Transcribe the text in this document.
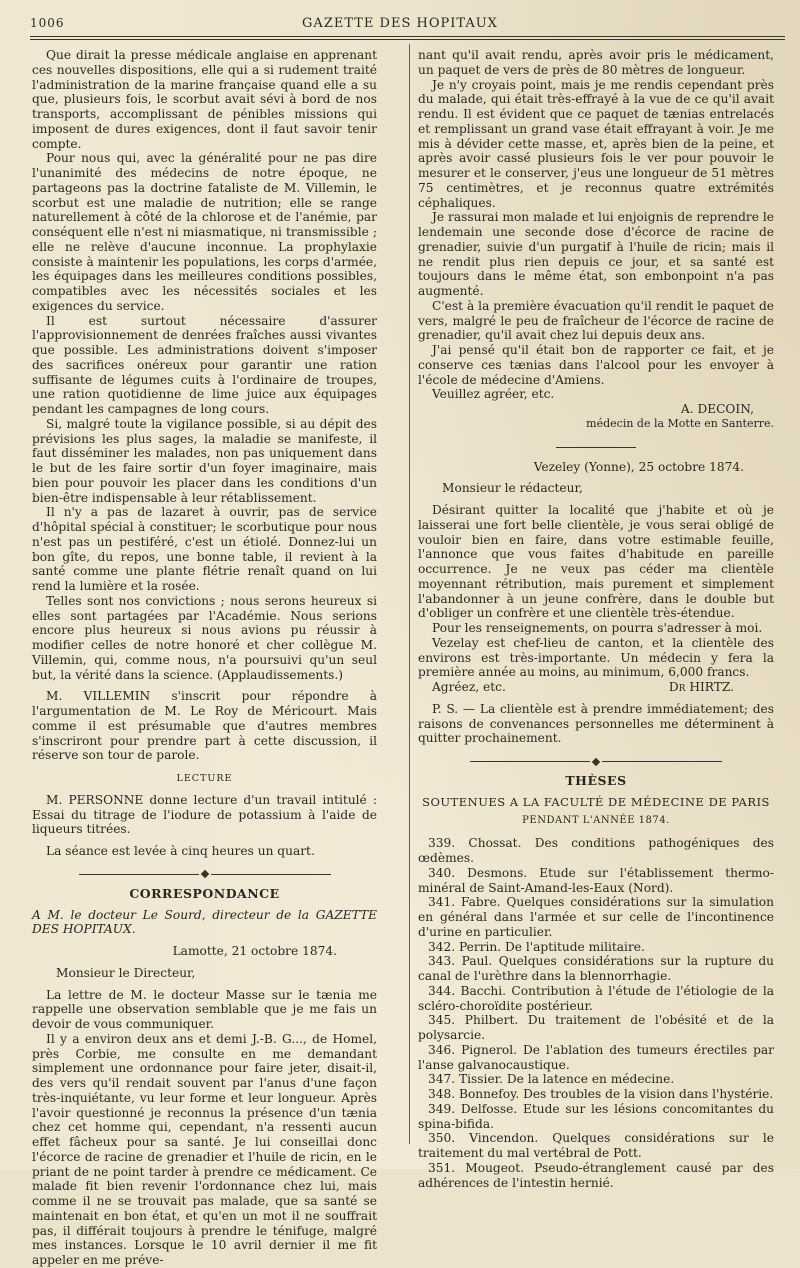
1006	GAZETTE DES HOPITAUX

Que dirait la presse médicale anglaise en apprenant ces nouvelles dispositions, elle qui a si rudement traité l'administration de la marine française quand elle a su que, plusieurs fois, le scorbut avait sévi à bord de nos transports, accomplissant de pénibles missions qui imposent de dures exigences, dont il faut savoir tenir compte.

Pour nous qui, avec la généralité pour ne pas dire l'unanimité des médecins de notre époque, ne partageons pas la doctrine fataliste de M. Villemin, le scorbut est une maladie de nutrition; elle se range naturellement à côté de la chlorose et de l'anémie, par conséquent elle n'est ni miasmatique, ni transmissible ; elle ne relève d'aucune inconnue. La prophylaxie consiste à maintenir les populations, les corps d'armée, les équipages dans les meilleures conditions possibles, compatibles avec les nécessités sociales et les exigences du service.

Il est surtout nécessaire d'assurer l'approvisionnement de denrées fraîches aussi vivantes que possible. Les administrations doivent s'imposer des sacrifices onéreux pour garantir une ration suffisante de légumes cuits à l'ordinaire de troupes, une ration quotidienne de lime juice aux équipages pendant les campagnes de long cours.

Si, malgré toute la vigilance possible, si au dépit des prévisions les plus sages, la maladie se manifeste, il faut disséminer les malades, non pas uniquement dans le but de les faire sortir d'un foyer imaginaire, mais bien pour pouvoir les placer dans les conditions d'un bien-être indispensable à leur rétablissement.

Il n'y a pas de lazaret à ouvrir, pas de service d'hôpital spécial à constituer; le scorbutique pour nous n'est pas un pestiféré, c'est un étiolé. Donnez-lui un bon gîte, du repos, une bonne table, il revient à la santé comme une plante flétrie renaît quand on lui rend la lumière et la rosée.

Telles sont nos convictions ; nous serons heureux si elles sont partagées par l'Académie. Nous serions encore plus heureux si nous avions pu réussir à modifier celles de notre honoré et cher collègue M. Villemin, qui, comme nous, n'a poursuivi qu'un seul but, la vérité dans la science. (Applaudissements.)

M. VILLEMIN s'inscrit pour répondre à l'argumentation de M. Le Roy de Méricourt. Mais comme il est présumable que d'autres membres s'inscriront pour prendre part à cette discussion, il réserve son tour de parole.

LECTURE

M. PERSONNE donne lecture d'un travail intitulé : Essai du titrage de l'iodure de potassium à l'aide de liqueurs titrées.

La séance est levée à cinq heures un quart.

CORRESPONDANCE

A M. le docteur Le Sourd, directeur de la GAZETTE DES HOPITAUX.

Lamotte, 21 octobre 1874.

Monsieur le Directeur,

La lettre de M. le docteur Masse sur le tænia me rappelle une observation semblable que je me fais un devoir de vous communiquer.

Il y a environ deux ans et demi J.-B. G..., de Homel, près Corbie, me consulte en me demandant simplement une ordonnance pour faire jeter, disait-il, des vers qu'il rendait souvent par l'anus d'une façon très-inquiétante, vu leur forme et leur longueur. Après l'avoir questionné je reconnus la présence d'un tænia chez cet homme qui, cependant, n'a ressenti aucun effet fâcheux pour sa santé. Je lui conseillai donc l'écorce de racine de grenadier et l'huile de ricin, en le priant de ne point tarder à prendre ce médicament. Ce malade fit bien revenir l'ordonnance chez lui, mais comme il ne se trouvait pas malade, que sa santé se maintenait en bon état, et qu'en un mot il ne souffrait pas, il différait toujours à prendre le ténifuge, malgré mes instances. Lorsque le 10 avril dernier il me fit appeler en me préve-

nant qu'il avait rendu, après avoir pris le médicament, un paquet de vers de près de 80 mètres de longueur.

Je n'y croyais point, mais je me rendis cependant près du malade, qui était très-effrayé à la vue de ce qu'il avait rendu. Il est évident que ce paquet de tænias entrelacés et remplissant un grand vase était effrayant à voir. Je me mis à dévider cette masse, et, après bien de la peine, et après avoir cassé plusieurs fois le ver pour pouvoir le mesurer et le conserver, j'eus une longueur de 51 mètres 75 centimètres, et je reconnus quatre extrémités céphaliques.

Je rassurai mon malade et lui enjoignis de reprendre le lendemain une seconde dose d'écorce de racine de grenadier, suivie d'un purgatif à l'huile de ricin; mais il ne rendit plus rien depuis ce jour, et sa santé est toujours dans le même état, son embonpoint n'a pas augmenté.

C'est à la première évacuation qu'il rendit le paquet de vers, malgré le peu de fraîcheur de l'écorce de racine de grenadier, qu'il avait chez lui depuis deux ans.

J'ai pensé qu'il était bon de rapporter ce fait, et je conserve ces tænias dans l'alcool pour les envoyer à l'école de médecine d'Amiens.

Veuillez agréer, etc.

A. DECOIN,

médecin de la Motte en Santerre.

Vezeley (Yonne), 25 octobre 1874.

Monsieur le rédacteur,

Désirant quitter la localité que j'habite et où je laisserai une fort belle clientèle, je vous serai obligé de vouloir bien en faire, dans votre estimable feuille, l'annonce que vous faites d'habitude en pareille occurrence. Je ne veux pas céder ma clientèle moyennant rétribution, mais purement et simplement l'abandonner à un jeune confrère, dans le double but d'obliger un confrère et une clientèle très-étendue.

Pour les renseignements, on pourra s'adresser à moi.

Vezelay est chef-lieu de canton, et la clientèle des environs est très-importante. Un médecin y fera la première année au moins, au minimum, 6,000 francs.

Agréez, etc.	Dr HIRTZ.

P. S. — La clientèle est à prendre immédiatement; des raisons de convenances personnelles me déterminent à quitter prochainement.

THÈSES
SOUTENUES A LA FACULTÉ DE MÉDECINE DE PARIS
PENDANT L'ANNÉE 1874.

339. Chossat. Des conditions pathogéniques des œdèmes.

340. Desmons. Etude sur l'établissement thermo-minéral de Saint-Amand-les-Eaux (Nord).

341. Fabre. Quelques considérations sur la simulation en général dans l'armée et sur celle de l'incontinence d'urine en particulier.

342. Perrin. De l'aptitude militaire.

343. Paul. Quelques considérations sur la rupture du canal de l'urèthre dans la blennorrhagie.

344. Bacchi. Contribution à l'étude de l'étiologie de la scléro-choroïdite postérieur.

345. Philbert. Du traitement de l'obésité et de la polysarcie.

346. Pignerol. De l'ablation des tumeurs érectiles par l'anse galvanocaustique.

347. Tissier. De la latence en médecine.

348. Bonnefoy. Des troubles de la vision dans l'hystérie.

349. Delfosse. Etude sur les lésions concomitantes du spina-bifida.

350. Vincendon. Quelques considérations sur le traitement du mal vertébral de Pott.

351. Mougeot. Pseudo-étranglement causé par des adhérences de l'intestin hernié.
